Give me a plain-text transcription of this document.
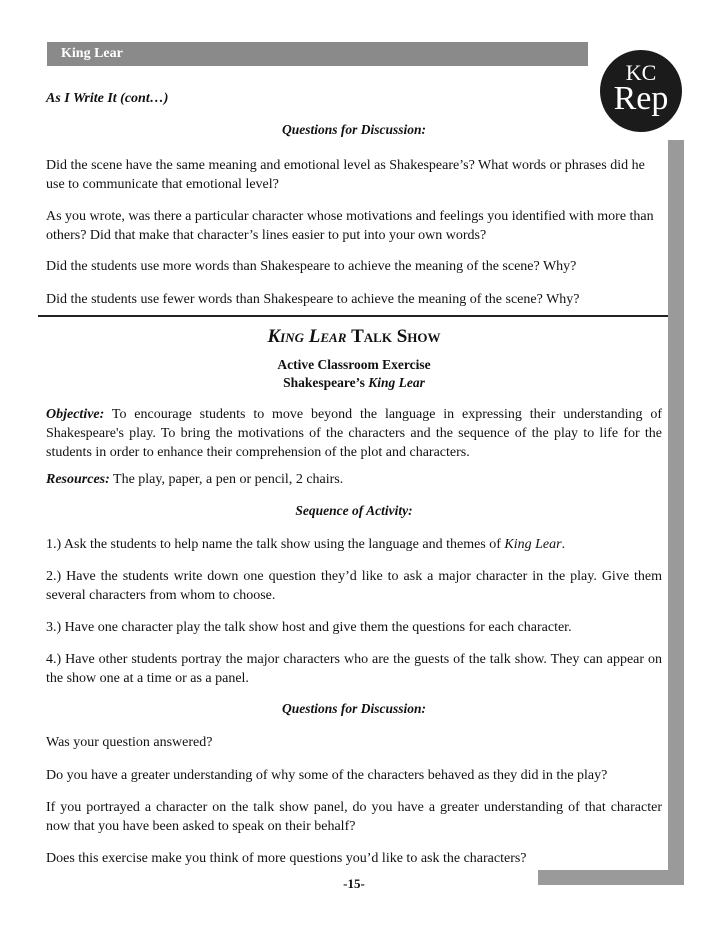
King Lear
KC
Rep
As I Write It (cont…)
Questions for Discussion:

Did the scene have the same meaning and emotional level as Shakespeare’s? What words or phrases did he use to communicate that emotional level?

As you wrote, was there a particular character whose motivations and feelings you identified with more than others? Did that make that character’s lines easier to put into your own words?

Did the students use more words than Shakespeare to achieve the meaning of the scene? Why?

Did the students use fewer words than Shakespeare to achieve the meaning of the scene? Why?

King Lear Talk Show
Active Classroom Exercise
Shakespeare’s King Lear

Objective: To encourage students to move beyond the language in expressing their understanding of Shakespeare's play. To bring the motivations of the characters and the sequence of the play to life for the students in order to enhance their comprehension of the plot and characters.

Resources: The play, paper, a pen or pencil, 2 chairs.

Sequence of Activity:

1.) Ask the students to help name the talk show using the language and themes of King Lear.

2.) Have the students write down one question they’d like to ask a major character in the play. Give them several characters from whom to choose.

3.) Have one character play the talk show host and give them the questions for each character.

4.) Have other students portray the major characters who are the guests of the talk show. They can appear on the show one at a time or as a panel.

Questions for Discussion:

Was your question answered?

Do you have a greater understanding of why some of the characters behaved as they did in the play?

If you portrayed a character on the talk show panel, do you have a greater understanding of that character now that you have been asked to speak on their behalf?

Does this exercise make you think of more questions you’d like to ask the characters?

-15-
